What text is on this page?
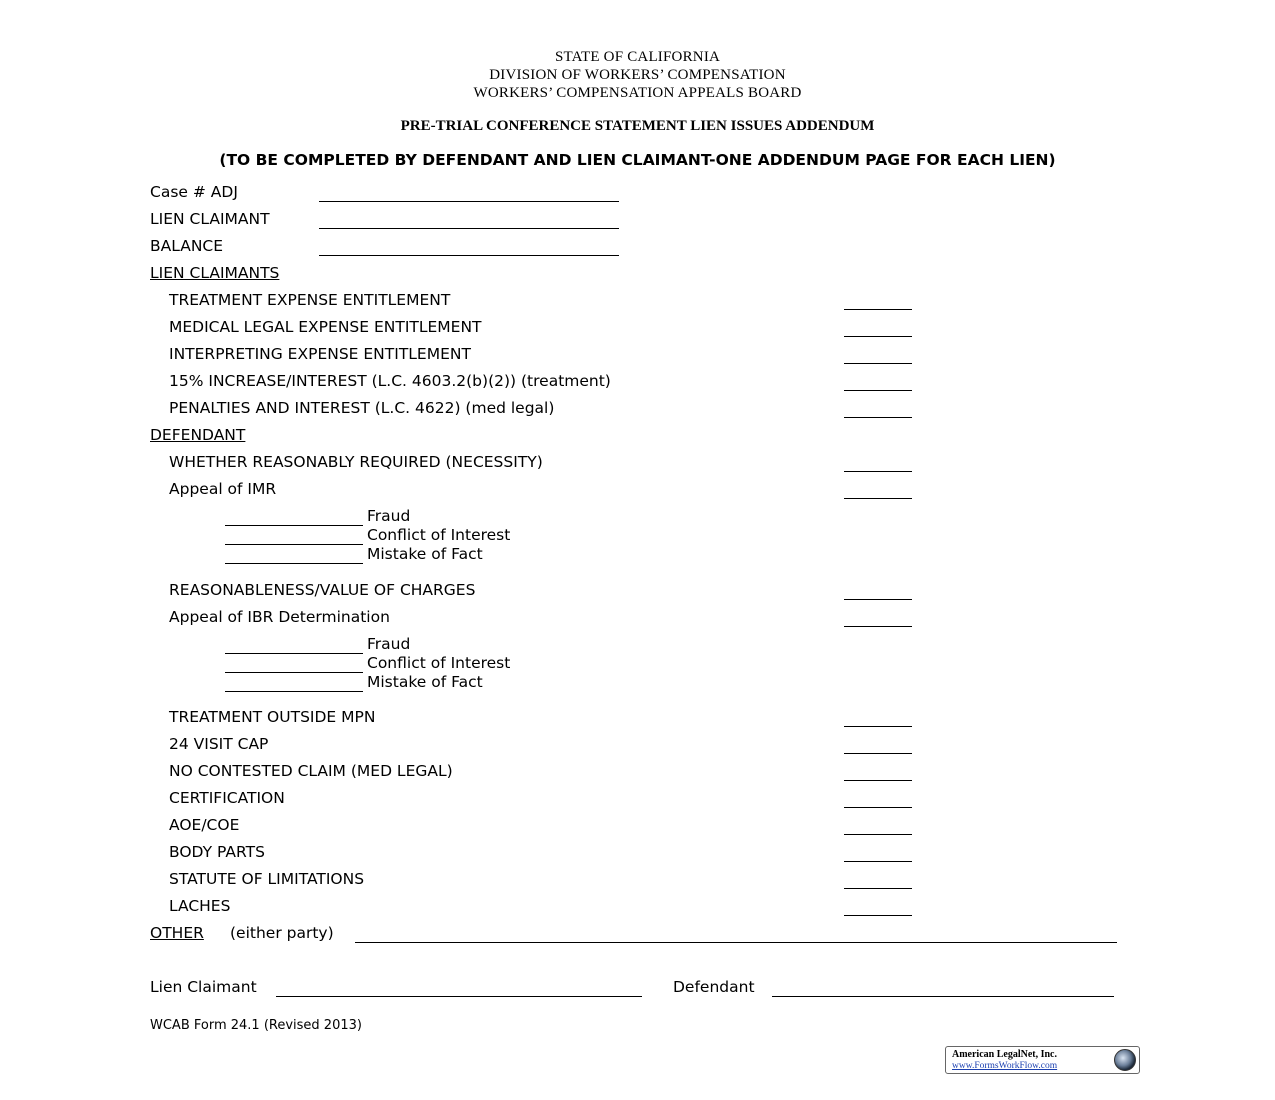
STATE OF CALIFORNIA
DIVISION OF WORKERS’ COMPENSATION
WORKERS’ COMPENSATION APPEALS BOARD
PRE-TRIAL CONFERENCE STATEMENT LIEN ISSUES ADDENDUM
(TO BE COMPLETED BY DEFENDANT AND LIEN CLAIMANT-ONE ADDENDUM PAGE FOR EACH LIEN)
Case # ADJ
LIEN CLAIMANT
BALANCE
LIEN CLAIMANTS
TREATMENT EXPENSE ENTITLEMENT
MEDICAL LEGAL EXPENSE ENTITLEMENT
INTERPRETING EXPENSE ENTITLEMENT
15% INCREASE/INTEREST (L.C. 4603.2(b)(2)) (treatment)
PENALTIES AND INTEREST (L.C. 4622) (med legal)
DEFENDANT
WHETHER REASONABLY REQUIRED (NECESSITY)
Appeal of IMR
Fraud
Conflict of Interest
Mistake of Fact
REASONABLENESS/VALUE OF CHARGES
Appeal of IBR Determination
Fraud
Conflict of Interest
Mistake of Fact
TREATMENT OUTSIDE MPN
24 VISIT CAP
NO CONTESTED CLAIM (MED LEGAL)
CERTIFICATION
AOE/COE
BODY PARTS
STATUTE OF LIMITATIONS
LACHES
OTHER (either party)
Lien Claimant	Defendant
WCAB Form 24.1 (Revised 2013)
American LegalNet, Inc.
www.FormsWorkFlow.com
